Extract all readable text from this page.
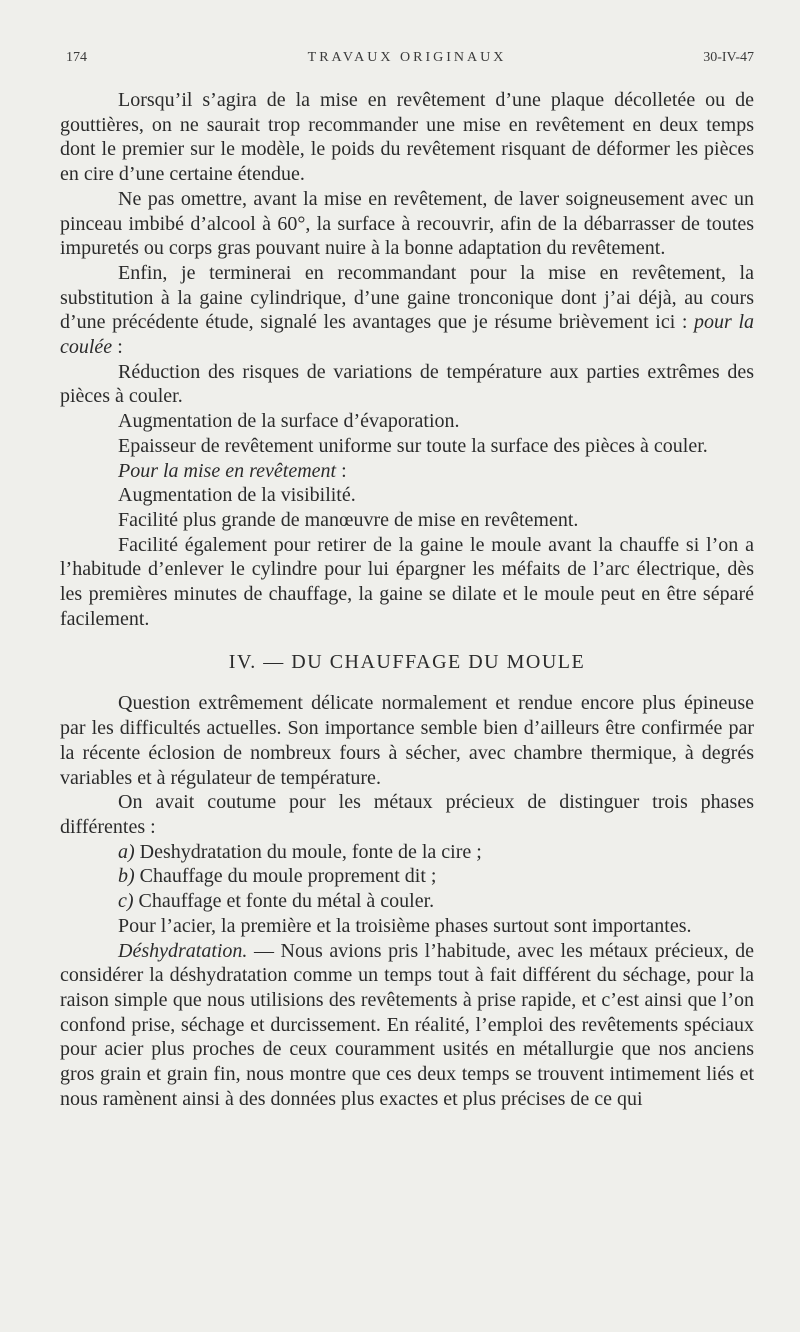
174	TRAVAUX ORIGINAUX	30-IV-47

Lorsqu’il s’agira de la mise en revêtement d’une plaque décolletée ou de gouttières, on ne saurait trop recommander une mise en revêtement en deux temps dont le premier sur le modèle, le poids du revêtement risquant de déformer les pièces en cire d’une certaine étendue.

Ne pas omettre, avant la mise en revêtement, de laver soigneusement avec un pinceau imbibé d’alcool à 60°, la surface à recouvrir, afin de la débarrasser de toutes impuretés ou corps gras pouvant nuire à la bonne adaptation du revêtement.

Enfin, je terminerai en recommandant pour la mise en revêtement, la substitution à la gaine cylindrique, d’une gaine tronconique dont j’ai déjà, au cours d’une précédente étude, signalé les avantages que je résume brièvement ici : pour la coulée :

Réduction des risques de variations de température aux parties extrêmes des pièces à couler.

Augmentation de la surface d’évaporation.

Epaisseur de revêtement uniforme sur toute la surface des pièces à couler.

Pour la mise en revêtement :

Augmentation de la visibilité.

Facilité plus grande de manœuvre de mise en revêtement.

Facilité également pour retirer de la gaine le moule avant la chauffe si l’on a l’habitude d’enlever le cylindre pour lui épargner les méfaits de l’arc électrique, dès les premières minutes de chauffage, la gaine se dilate et le moule peut en être séparé facilement.

IV. — DU CHAUFFAGE DU MOULE

Question extrêmement délicate normalement et rendue encore plus épineuse par les difficultés actuelles. Son importance semble bien d’ailleurs être confirmée par la récente éclosion de nombreux fours à sécher, avec chambre thermique, à degrés variables et à régulateur de température.

On avait coutume pour les métaux précieux de distinguer trois phases différentes :

a) Deshydratation du moule, fonte de la cire ;

b) Chauffage du moule proprement dit ;

c) Chauffage et fonte du métal à couler.

Pour l’acier, la première et la troisième phases surtout sont importantes.

Déshydratation. — Nous avions pris l’habitude, avec les métaux précieux, de considérer la déshydratation comme un temps tout à fait différent du séchage, pour la raison simple que nous utilisions des revêtements à prise rapide, et c’est ainsi que l’on confond prise, séchage et durcissement. En réalité, l’emploi des revêtements spéciaux pour acier plus proches de ceux couramment usités en métallurgie que nos anciens gros grain et grain fin, nous montre que ces deux temps se trouvent intimement liés et nous ramènent ainsi à des données plus exactes et plus précises de ce qui
